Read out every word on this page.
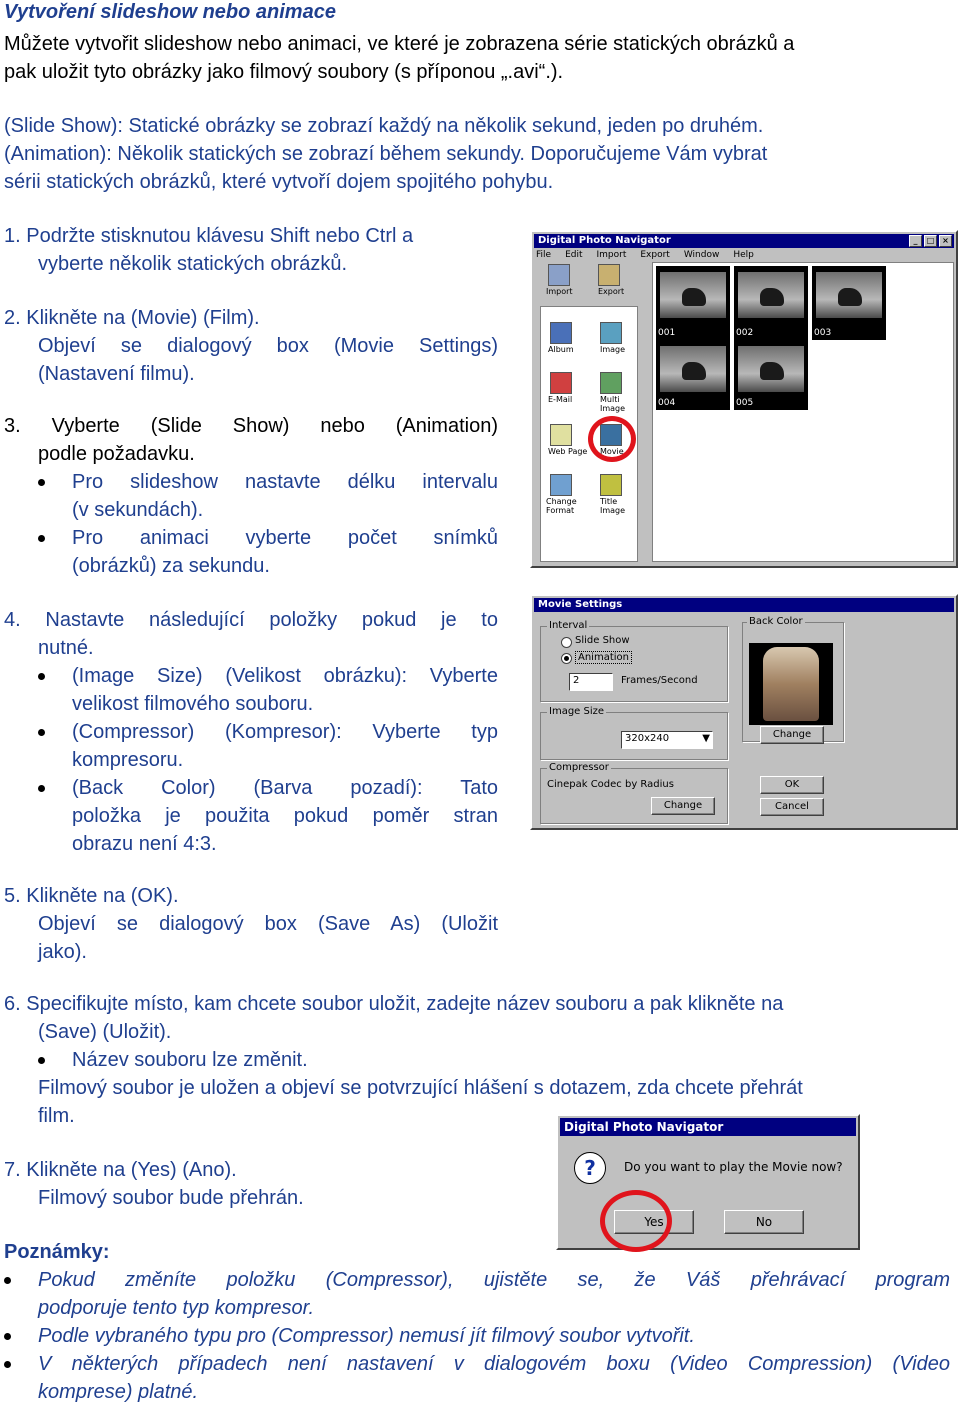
Vytvoření slideshow nebo animace
Můžete vytvořit slideshow nebo animaci, ve které je zobrazena série statických obrázků a
pak uložit tyto obrázky jako filmový soubory (s příponou „.avi“.).
(Slide Show): Statické obrázky se zobrazí každý na několik sekund, jeden po druhém.
(Animation): Několik statických se zobrazí během sekundy. Doporučujeme Vám vybrat
sérii statických obrázků, které vytvoří dojem spojitého pohybu.
1. Podržte stisknutou klávesu Shift nebo Ctrl a
vyberte několik statických obrázků.
2. Klikněte na (Movie) (Film).
Objeví se dialogový box (Movie Settings)
(Nastavení filmu).
3. Vyberte (Slide Show) nebo (Animation)
podle požadavku.
Pro slideshow nastavte délku intervalu
(v sekundách).
Pro animaci vyberte počet snímků
(obrázků) za sekundu.
4. Nastavte následující položky pokud je to
nutné.
(Image Size) (Velikost obrázku): Vyberte
velikost filmového souboru.
(Compressor) (Kompresor): Vyberte typ
kompresoru.
(Back Color) (Barva pozadí): Tato
položka je použita pokud poměr stran
obrazu není 4:3.
5. Klikněte na (OK).
Objeví se dialogový box (Save As) (Uložit
jako).
6. Specifikujte místo, kam chcete soubor uložit, zadejte název souboru a pak klikněte na
(Save) (Uložit).
Název souboru lze změnit.
Filmový soubor je uložen a objeví se potvrzující hlášení s dotazem, zda chcete přehrát
film.
7. Klikněte na (Yes) (Ano).
Filmový soubor bude přehrán.
Poznámky:
Pokud změníte položku (Compressor), ujistěte se, že Váš přehrávací program
podporuje tento typ kompresor.
Podle vybraného typu pro (Compressor) nemusí jít filmový soubor vytvořit.
V některých případech není nastavení v dialogovém boxu (Video Compression) (Video
komprese) platné.
Digital Photo Navigator	_	□ ×
File Edit Import Export Window Help
Import	Export
Album	Image
E-Mail	Multi Image
Web Page Movie
Change Format
Title Image
001	002	003
004	005
Movie Settings
Interval
Slide Show
Animation
2	Frames/Second
Image Size
320x240	▼
Compressor
Cinepak Codec by Radius
Change
Back Color
Change
OK
Cancel
Digital Photo Navigator
?	Do you want to play the Movie now?
Yes	No
